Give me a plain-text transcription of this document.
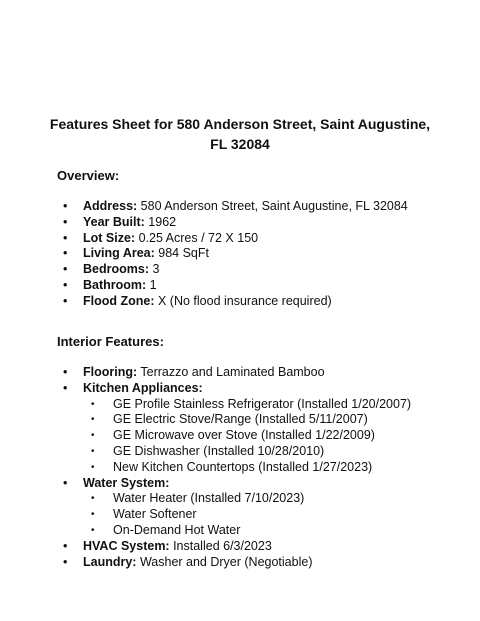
Features Sheet for 580 Anderson Street, Saint Augustine, FL 32084
Overview:
• Address: 580 Anderson Street, Saint Augustine, FL 32084
• Year Built: 1962
• Lot Size: 0.25 Acres / 72 X 150
• Living Area: 984 SqFt
• Bedrooms: 3
• Bathroom: 1
• Flood Zone: X (No flood insurance required)
Interior Features:
• Flooring: Terrazzo and Laminated Bamboo
• Kitchen Appliances:
• GE Profile Stainless Refrigerator (Installed 1/20/2007)
• GE Electric Stove/Range (Installed 5/11/2007)
• GE Microwave over Stove (Installed 1/22/2009)
• GE Dishwasher (Installed 10/28/2010)
• New Kitchen Countertops (Installed 1/27/2023)
• Water System:
• Water Heater (Installed 7/10/2023)
• Water Softener
• On-Demand Hot Water
• HVAC System: Installed 6/3/2023
• Laundry: Washer and Dryer (Negotiable)
